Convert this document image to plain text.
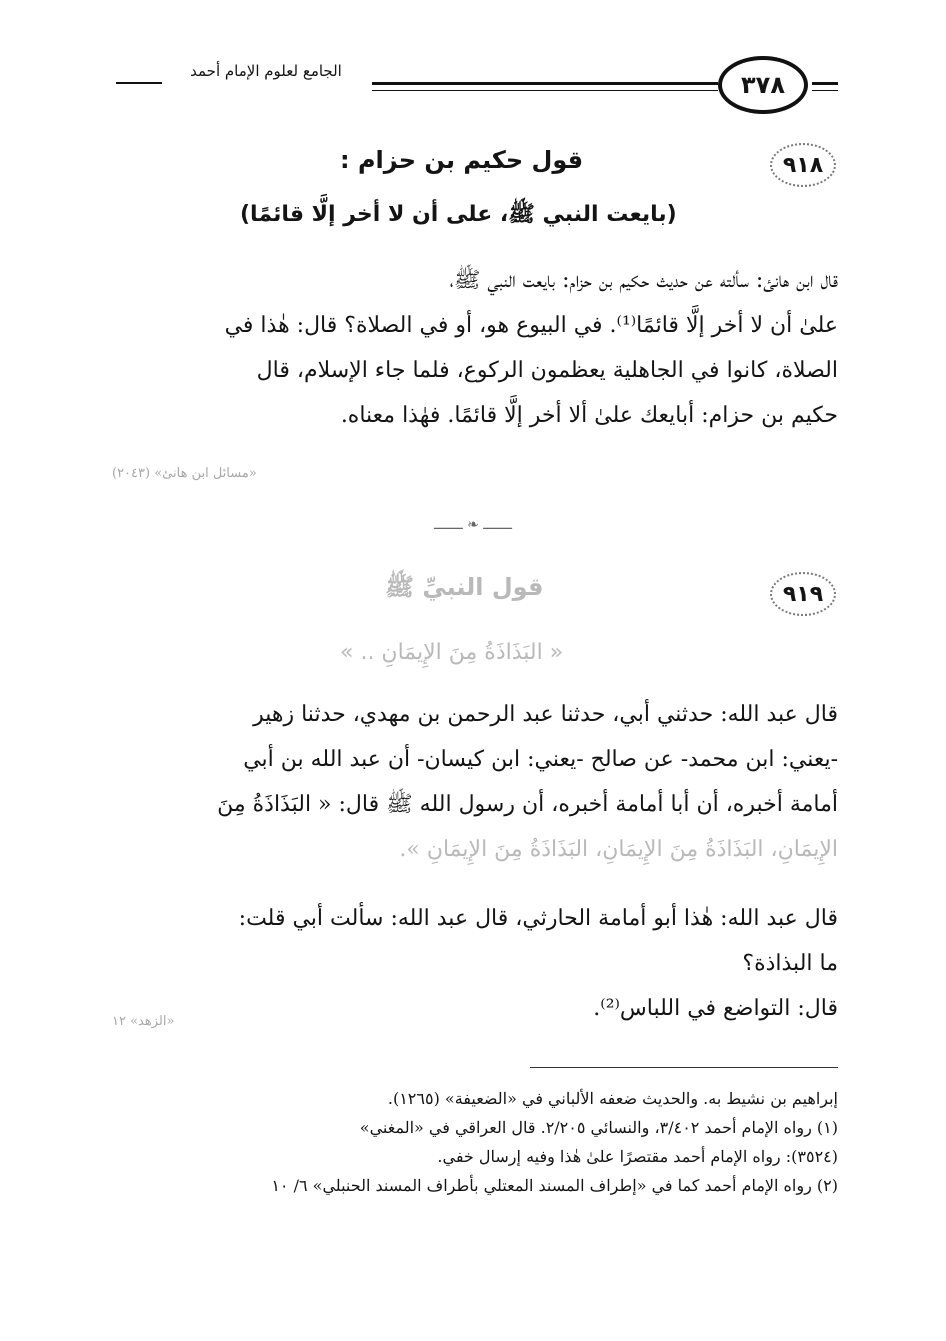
الجامع لعلوم الإمام أحمد	٣٧٨
٩١٨
قول حكيم بن حزام :
(بايعت النبي ﷺ، على أن لا أخر إلَّا قائمًا)
قال ابن هانئ: سألته عن حديث حكيم بن حزام: بايعت النبي ﷺ،
علىٰ أن لا أخر إلَّا قائمًا⁽¹⁾. في البيوع هو، أو في الصلاة؟ قال: هٰذا في
الصلاة، كانوا في الجاهلية يعظمون الركوع، فلما جاء الإسلام، قال
حكيم بن حزام: أبايعك علىٰ ألا أخر إلَّا قائمًا. فهٰذا معناه.
«مسائل ابن هانئ» (٢٠٤٣)
ـــــــ ❧ ـــــــ
٩١٩
قول النبيِّ ﷺ
« البَذَاذَةُ مِنَ الإِيمَانِ .. »
قال عبد الله: حدثني أبي، حدثنا عبد الرحمن بن مهدي، حدثنا زهير
-يعني: ابن محمد- عن صالح -يعني: ابن كيسان- أن عبد الله بن أبي
أمامة أخبره، أن أبا أمامة أخبره، أن رسول الله ﷺ قال: « البَذَاذَةُ مِنَ
الإِيمَانِ، البَذَاذَةُ مِنَ الإِيمَانِ، البَذَاذَةُ مِنَ الإِيمَانِ ».
قال عبد الله: هٰذا أبو أمامة الحارثي، قال عبد الله: سألت أبي قلت:
ما البذاذة؟
قال: التواضع في اللباس⁽²⁾.
«الزهد» ١٢
إبراهيم بن نشيط به. والحديث ضعفه الألباني في «الضعيفة» (١٢٦٥).
(١) رواه الإمام أحمد ٣/٤٠٢، والنسائي ٢/٢٠٥. قال العراقي في «المغني»
(٣٥٢٤): رواه الإمام أحمد مقتصرًا علىٰ هٰذا وفيه إرسال خفي.
(٢) رواه الإمام أحمد كما في «إطراف المسند المعتلي بأطراف المسند الحنبلي» ٦/ ١٠
